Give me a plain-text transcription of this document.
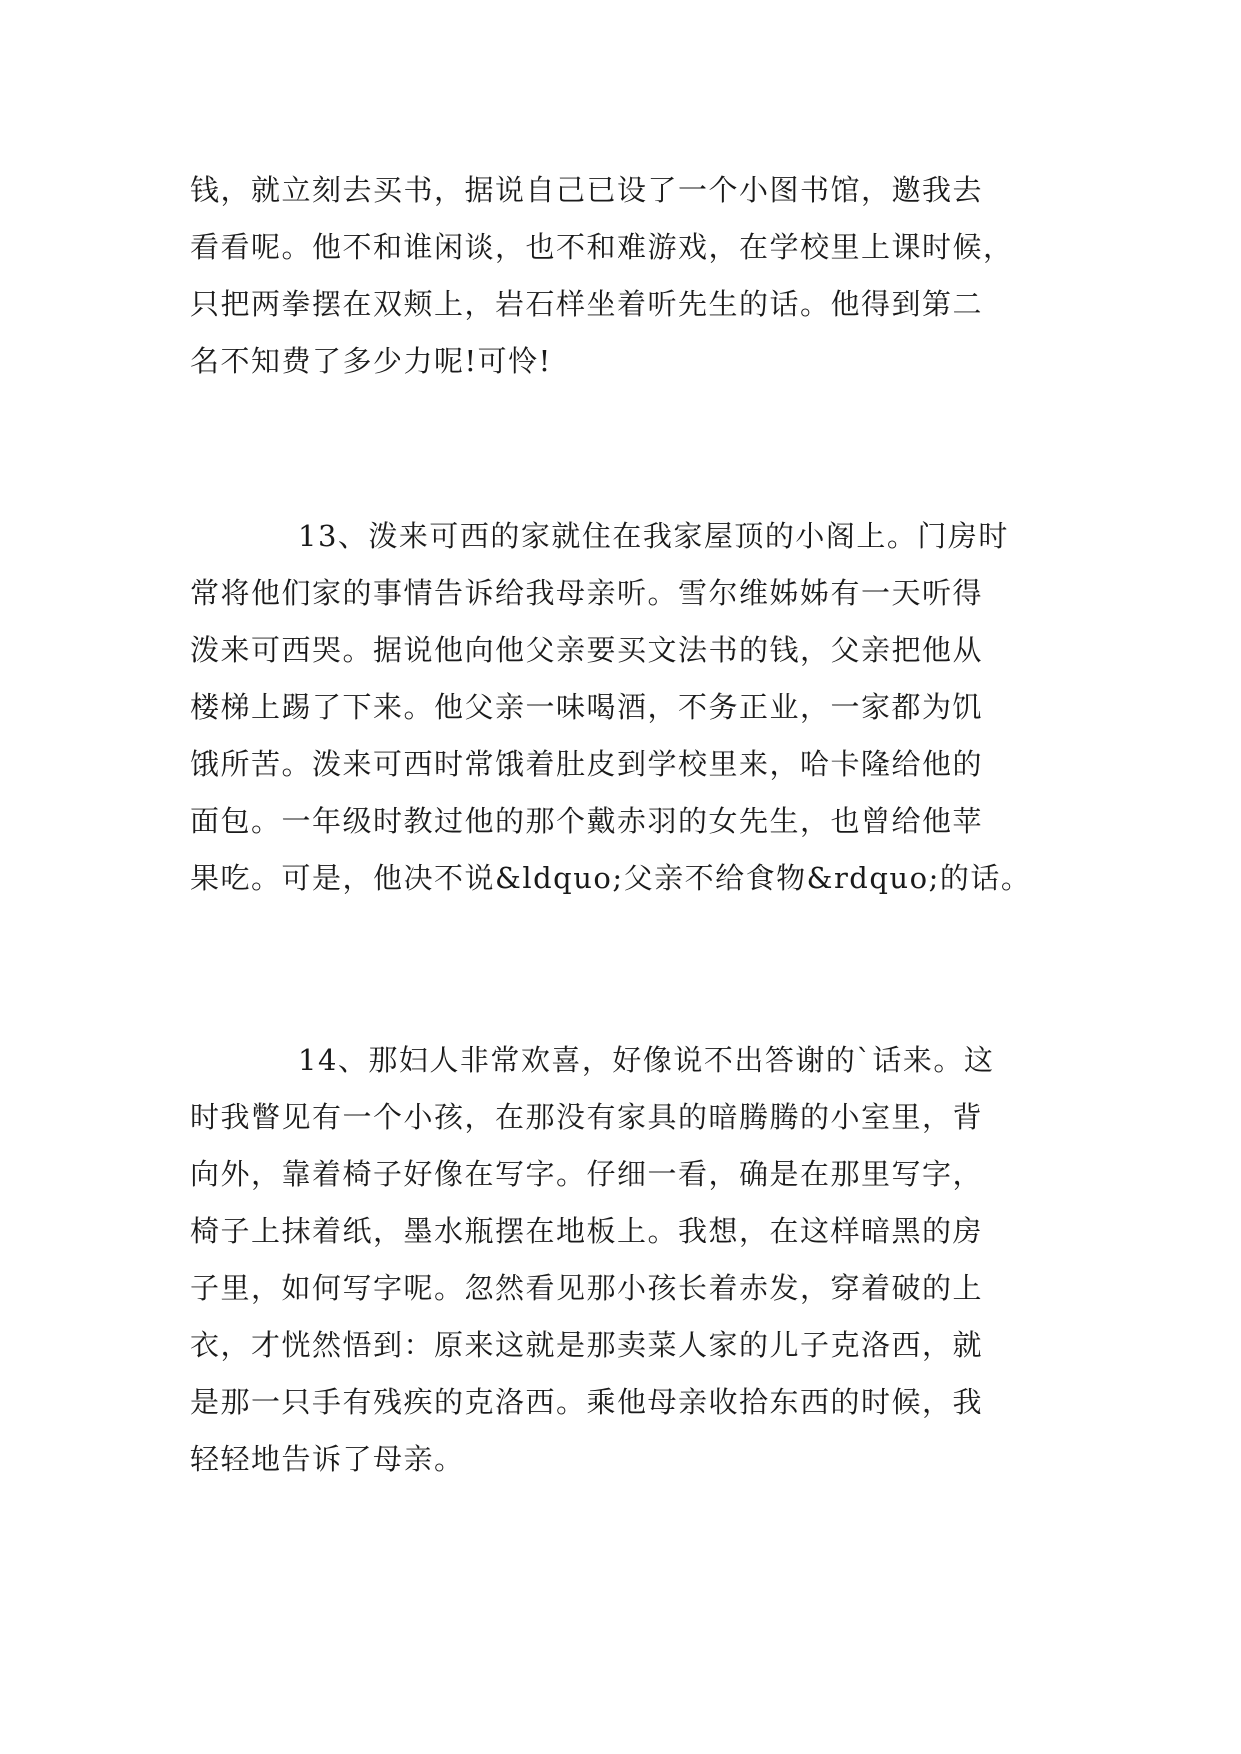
钱，就立刻去买书，据说自己已设了一个小图书馆，邀我去
看看呢。他不和谁闲谈，也不和难游戏，在学校里上课时候，
只把两拳摆在双颊上，岩石样坐着听先生的话。他得到第二
名不知费了多少力呢!可怜!
13、泼来可西的家就住在我家屋顶的小阁上。门房时
常将他们家的事情告诉给我母亲听。雪尔维姊姊有一天听得
泼来可西哭。据说他向他父亲要买文法书的钱，父亲把他从
楼梯上踢了下来。他父亲一味喝酒，不务正业，一家都为饥
饿所苦。泼来可西时常饿着肚皮到学校里来，哈卡隆给他的
面包。一年级时教过他的那个戴赤羽的女先生，也曾给他苹
果吃。可是，他决不说&ldquo;父亲不给食物&rdquo;的话。
14、那妇人非常欢喜，好像说不出答谢的`话来。这
时我瞥见有一个小孩，在那没有家具的暗腾腾的小室里，背
向外，靠着椅子好像在写字。仔细一看，确是在那里写字，
椅子上抹着纸，墨水瓶摆在地板上。我想，在这样暗黑的房
子里，如何写字呢。忽然看见那小孩长着赤发，穿着破的上
衣，才恍然悟到：原来这就是那卖菜人家的儿子克洛西，就
是那一只手有残疾的克洛西。乘他母亲收拾东西的时候，我
轻轻地告诉了母亲。
